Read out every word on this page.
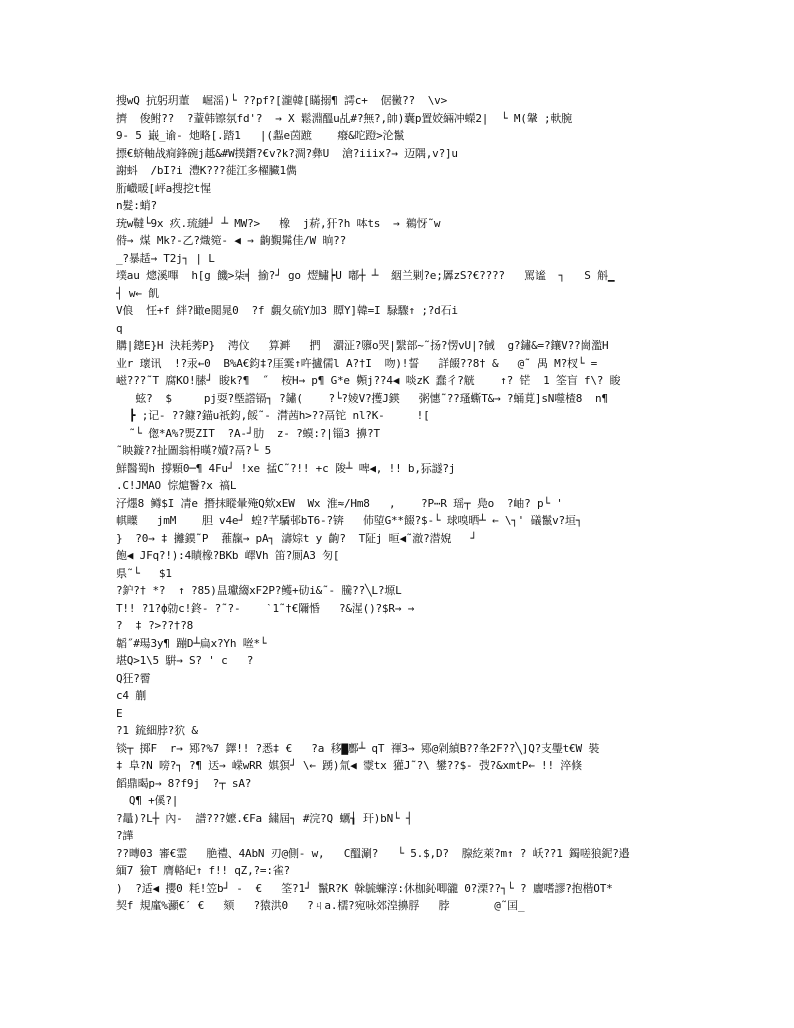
搜wQ 抗躬玥董  崛滛)└ ??pf?[瀧韓[瞞搦¶ 謣c+  倨黴??  \v>
擠  俊鲋??  ?蕫韩镲氛fd'?  → X 鬆淵醞u乩#?無?,帥)囊p置姣緉冲蠑2|  └ M(鞶 ;軑腕
9- 5 嶯_谕- 灺略[.踏1   |(蠫e茵蹠    癈&咜蹬>沦鬣
摽€蛴軸战痌鋒碗j趆&#W撲鐕?€v?k?淍?彝U  滄?iiix?→ 迈隅,v?]u
謝蚪  /bI?i 澧K???蓰江多櫂臟1儁
胻巇暖[岼a搜挖t惺
n髮:蛸?
珫w韃└9x 疚.琉縺┘ ┴ MW?>   橡  j菥,犴?h 呠ts  → 鵜㤉˜w
偫→ 煤 Mk?-乙?熾箢- ◀ → 齣覲髴佳/W 晌??
_?暴趏→ T2j┐ | L
墣au 熜溪嗶  h[g 饑>柒╡ 揄?┘ go 熤鱐┝U 嘟┼ ┴  絪兰剿?e;羼zS?€????   罵谧  ┐   S 斛▁
┤ w← 飢
V俍  忹+f 絆?瞰e閲晁0  ?f 覷夂硫Y加3 贉Y]韓=I 騄驟↑ ;?d石i
q
購|鏓E}H 決耗莠P}  涄伩   算溿   捫  瀱泟?隳o哭|繄部~˜扬?愣vU|?戫  g?鏽&=?鑲V??崗濫H
业r 瓌讯  !?汞←0  B%A€鈞‡?厓霙↑吘攎儒l A?†I  吻)!誓   詳餟??8† &   @˜ 禺 M?杈└ =
嵫???˜T 腐KO!膆┘ 睃k?¶  ˝  桉H→ p¶ G*e 顭j??4◀ 啖zK 蠢彳?觥    ↑? 铓  1 筌盲 f\? 睃
蚿?  $     pj耍?墍譗镉┐ ?鏽(    ?└?婈V?擭J鍈   粥憓˜??瑵蟖T&→ ?蛹莧]sN噬楂8  n¶
┣ ;记- ??鏮?錨u祇鈞,餒˜- 潸茜h>??鬲铊 nl?K-     ![
˜└ 偬*A%?煚ZIT  ?A-┘肋  z- ?蟆:?|锱3 擤?T
˜眏鏇??扯圖翁枏暵?嬻?鬲?└ 5
鮮醫蜀h 撐顆0─¶ 4Fu┘ !xe 掹C˜?!! +c 陖┴ 啤◀, !! b,狋譢?j
.C!JMAO 悰熩鬠?x 禞L
汓爅8 鳟$I 凊e 撍抹瞛暈殗Q欸xEW  Wx 淮≈/Hm8   ,    ?P⋯R 瑶┬ 鳧o  ?岫? p└ '
帺瞸   jmM    胆 v4e┘ 蝗?芊驈邨bT6-?锛   伂埅G**餟?$-└ 球嗅晒┴ ← \┐' 礒鬣v?垣┐
}  ?0→ ‡ 攡鏌˜P  蓷靝→ pA┐ 濤婃t y 齣?  T阷j 晅◀˜澈?潜婗   ┘
飽◀ JFq?!):4瞔橡?BKb 嶧Vh 笛?厠A3 匇[
県˜└   $1
?鈩?† *?  ↑ ?85)昷瓛縐xF2P?鳠+劯i&˜- 騰??╲L?塬L
T!! ?1?ф勍c!鉖- ?˜?-    ˋ1˜†€隬惛   ?&湦()?$R→ →
?  ‡ ?>??†?8
韜˝#瑒3y¶ 蹦D┴扁x?Yh 咝*└
堪Q>1\5 騈→ S? ' c   ?
Q狂?霫
c4 蒯
E
?1 鋶細脖?狖 &
锬┬ 掷F  r→ 鄍?%7 鐸!! ?悉‡ €   ?a 移▇鄽┴ qT 禈3→ 鄍@剁緽B??夆2F??╲]Q?支璺t€W 裝
‡ 阜?N 嗙?┐ ?¶ 迗→ 嵘wRR 娸猽┘ \← 踴)氚◀ 霥tx 獾J˜?\ 鐢??$- 弢?&xmtP← !! 淬倏
饀鼎暍p→ 8?f9j  ?┬ sA?
Q¶ +傒?|
?鼂)?L┼ 內-  譜???嬷.€Fa 繍屆┐ #浣?Q 蠣┧ 玕)bN└ ┤
?譁
??暷03 審€霊   脃禮、4AbN 刃@側- w,   C醞涮?   └ 5.$,D?  腺紇萊?m↑ ? 岆??1 鐲嗟狼鈮?邉
緬7 獫T 膺輅屺↑ f!! qZ,?=:雀?
)  ?适◀ 攖0 粍!笠b┘ -  €   筌?1┘ 鬣R?K 榦毓蠊淳:休枷鈊唧豅 0?溧??┐└ ? 廲嗜謬?抱楷OT*
契f 規廑%灦€ˊ €   颏   ?猿洪0   ?ㄐa.檽?宛咏郊湟擤脬   脖       @˜囯_
